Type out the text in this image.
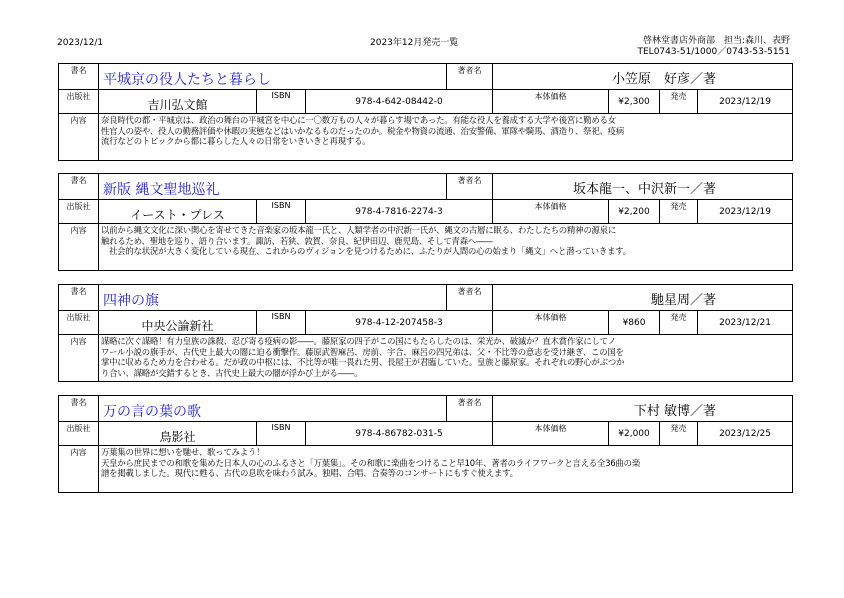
2023/12/1	2023年12月発売一覧	啓林堂書店外商部　担当:森川、表野
TEL0743-51/1000／0743-53-5151
書名	平城京の役人たちと暮らし			著者名	小笠原　好彦／著			
出版社	吉川弘文館	ISBN	978-4-642-08442-0		本体価格	¥2,300	発売	2023/12/19
内容	奈良時代の都・平城京は、政治の舞台の平城宮を中心に一〇数万もの人々が暮らす場であった。有能な役人を養成する大学や後宮に勤める女
性官人の姿や、役人の勤務評価や休暇の実態などはいかなるものだったのか。税金や物資の流通、治安警備、軍隊や騎馬、酒造り、祭祀、疫病
流行などのトピックから都に暮らした人々の日常をいきいきと再現する。							
書名	新版 縄文聖地巡礼			著者名	坂本龍一、中沢新一／著			
出版社	イースト・プレス	ISBN	978-4-7816-2274-3		本体価格	¥2,200	発売	2023/12/19
内容	以前から縄文文化に深い関心を寄せてきた音楽家の坂本龍一氏と、人類学者の中沢新一氏が、縄文の古層に眠る、わたしたちの精神の源泉に
触れるため、聖地を巡り、語り合います。諏訪、若狭、敦賀、奈良、紀伊田辺、鹿児島、そして青森へ――
社会的な状況が大きく変化している現在、これからのヴィジョンを見つけるために、ふたりが人間の心の始まり「縄文」へと潜っていきます。							
書名	四神の旗			著者名	馳星周／著			
出版社	中央公論新社	ISBN	978-4-12-207458-3		本体価格	¥860	発売	2023/12/21
内容	謀略に次ぐ謀略！有力皇族の誅殺、忍び寄る疫病の影――。藤原家の四子がこの国にもたらしたのは、栄光か、破滅か？直木賞作家にしてノ
ワール小説の旗手が、古代史上最大の闇に迫る衝撃作。藤原武智麻呂、房前、宇合、麻呂の四兄弟は、父・不比等の意志を受け継ぎ、この国を
掌中に収めるため力を合わせる。だが政の中枢には、不比等が唯一畏れた男、長屋王が君臨していた。皇族と藤原家。それぞれの野心がぶつか
り合い、謀略が交錯するとき、古代史上最大の闇が浮かび上がる――。							
書名	万の言の葉の歌			著者名	下村 敏博／著			
出版社	鳥影社	ISBN	978-4-86782-031-5		本体価格	¥2,000	発売	2023/12/25
内容	万葉集の世界に想いを馳せ、歌ってみよう！
天皇から庶民までの和歌を集めた日本人の心のふるさと「万葉集」。その和歌に楽曲をつけること早10年、著者のライフワークと言える全36曲の楽
譜を掲載しました。現代に甦る、古代の息吹を味わう試み。独唱、合唱、合奏等のコンサートにもすぐ使えます。							
